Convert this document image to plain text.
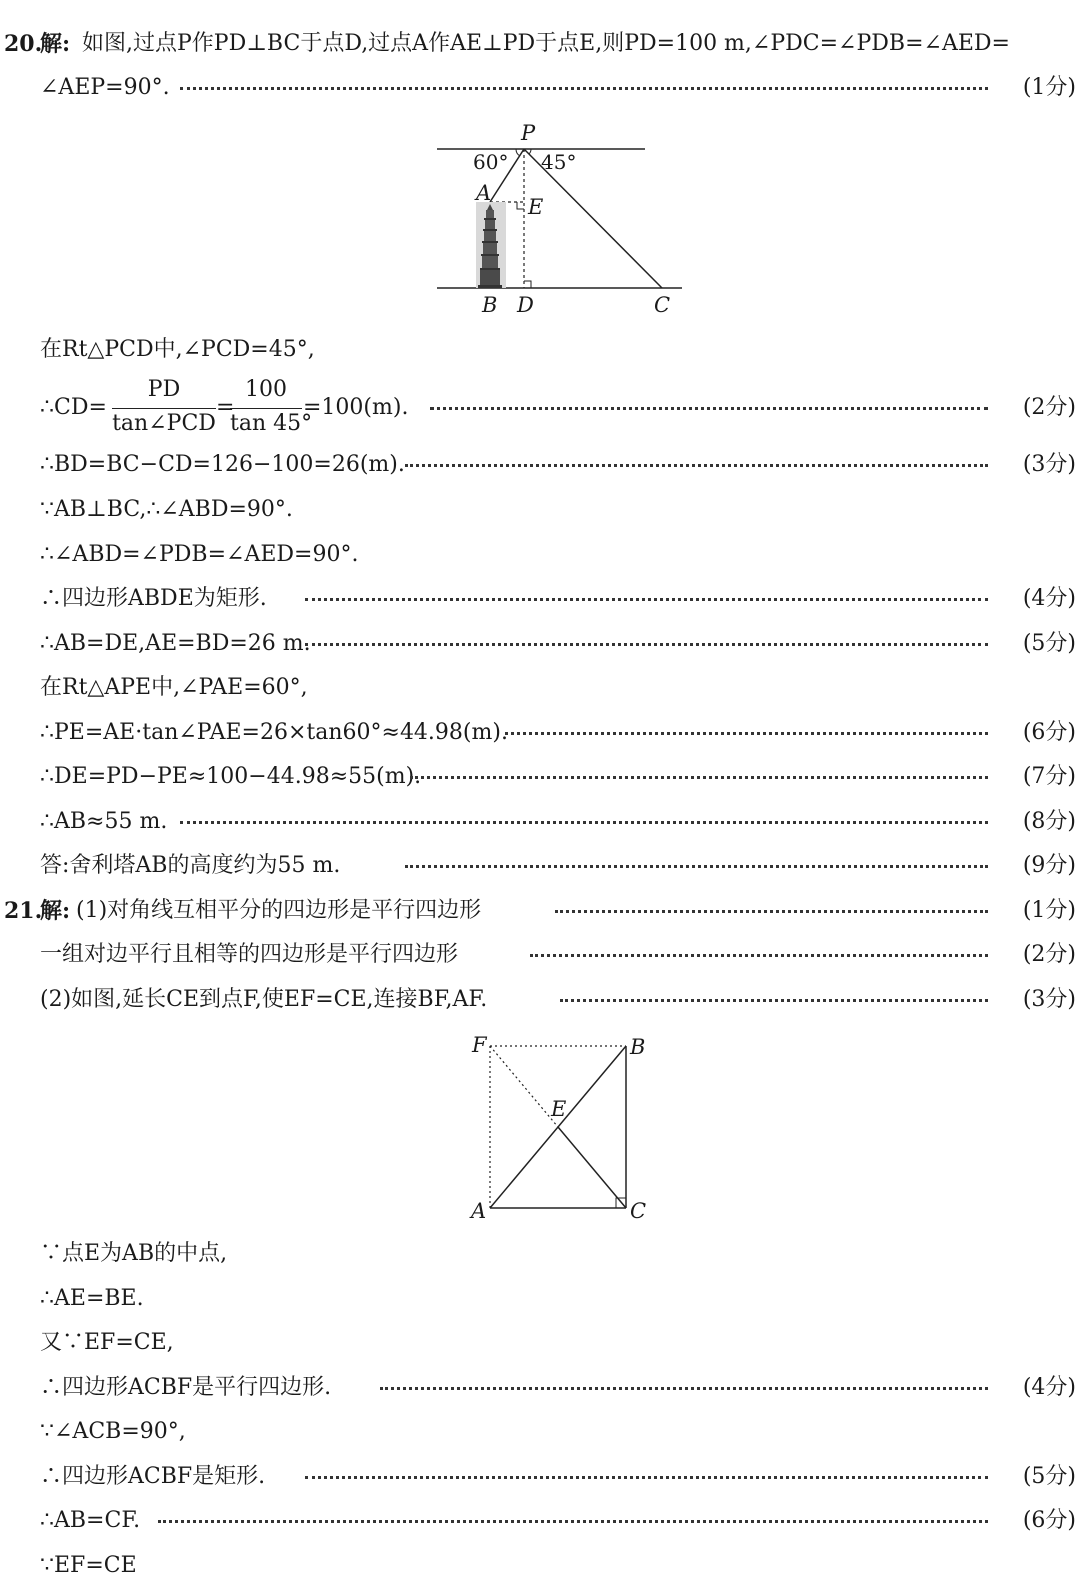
20.
解: 如图,过点P作PD⊥BC于点D,过点A作AE⊥PD于点E,则PD=100 m,∠PDC=∠PDB=∠AED=
∠AEP=90°.	(1分)
P
60° 45°
A
E
B D	C
在Rt△PCD中,∠PCD=45°,
∴CD=
PD
tan∠PCD
=
100
tan 45°
=100(m).	(2分)
∴BD=BC−CD=126−100=26(m).	(3分)
∵AB⊥BC,∴∠ABD=90°.
∴∠ABD=∠PDB=∠AED=90°.
∴四边形ABDE为矩形.	(4分)
∴AB=DE,AE=BD=26 m.	(5分)
在Rt△APE中,∠PAE=60°,
∴PE=AE·tan∠PAE=26×tan60°≈44.98(m).	(6分)
∴DE=PD−PE≈100−44.98≈55(m).	(7分)
∴AB≈55 m.	(8分)
答:舍利塔AB的高度约为55 m.	(9分)
21.
解: (1)对角线互相平分的四边形是平行四边形	(1分)
一组对边平行且相等的四边形是平行四边形	(2分)
(2)如图,延长CE到点F,使EF=CE,连接BF,AF.	(3分)
F	B
E
A	C
∵点E为AB的中点,
∴AE=BE.
又∵EF=CE,
∴四边形ACBF是平行四边形.	(4分)
∵∠ACB=90°,
∴四边形ACBF是矩形.	(5分)
∴AB=CF.	(6分)
∵EF=CE
